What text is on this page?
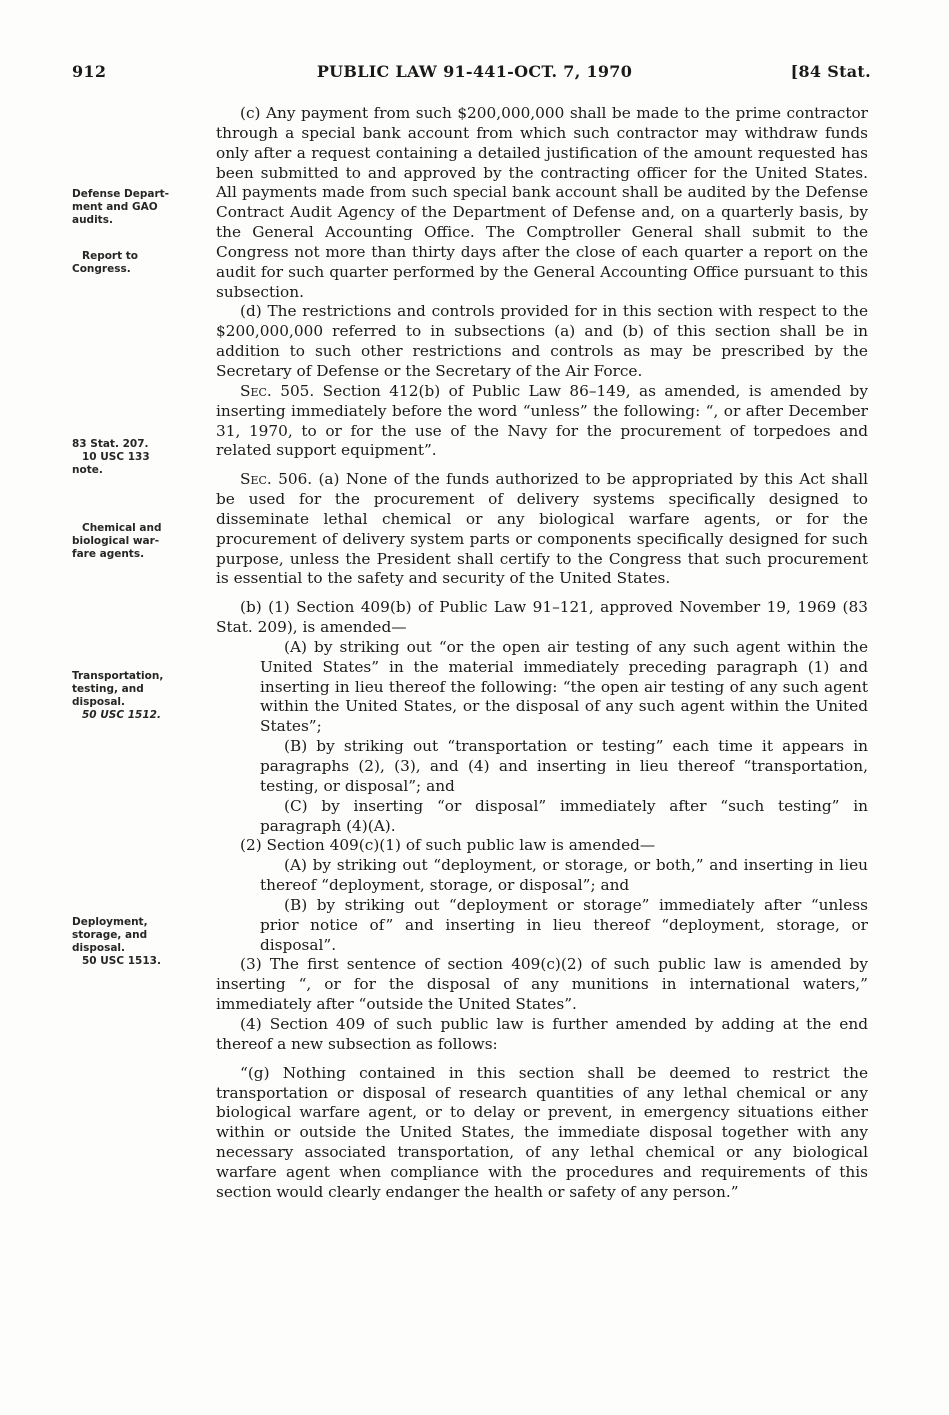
PUBLIC LAW 91-441-OCT. 7, 1970
912	[84 Stat.
Defense Depart-
ment and GAO
audits.
Report to
Congress.
83 Stat. 207.
10 USC 133
note.
Chemical and
biological war-
fare agents.
Transportation,
testing, and
disposal.
50 USC 1512.
Deployment,
storage, and
disposal.
50 USC 1513.

(c) Any payment from such $200,000,000 shall be made to the prime contractor through a special bank account from which such contractor may withdraw funds only after a request containing a detailed justification of the amount requested has been submitted to and approved by the contracting officer for the United States. All payments made from such special bank account shall be audited by the Defense Contract Audit Agency of the Department of Defense and, on a quarterly basis, by the General Accounting Office. The Comptroller General shall submit to the Congress not more than thirty days after the close of each quarter a report on the audit for such quarter performed by the General Accounting Office pursuant to this subsection.

(d) The restrictions and controls provided for in this section with respect to the $200,000,000 referred to in subsections (a) and (b) of this section shall be in addition to such other restrictions and controls as may be prescribed by the Secretary of Defense or the Secretary of the Air Force.

Sec. 505. Section 412(b) of Public Law 86–149, as amended, is amended by inserting immediately before the word “unless” the following: “, or after December 31, 1970, to or for the use of the Navy for the procurement of torpedoes and related support equipment”.

Sec. 506. (a) None of the funds authorized to be appropriated by this Act shall be used for the procurement of delivery systems specifically designed to disseminate lethal chemical or any biological warfare agents, or for the procurement of delivery system parts or components specifically designed for such purpose, unless the President shall certify to the Congress that such procurement is essential to the safety and security of the United States.

(b) (1) Section 409(b) of Public Law 91–121, approved November 19, 1969 (83 Stat. 209), is amended—

(A) by striking out “or the open air testing of any such agent within the United States” in the material immediately preceding paragraph (1) and inserting in lieu thereof the following: “the open air testing of any such agent within the United States, or the disposal of any such agent within the United States”;

(B) by striking out “transportation or testing” each time it appears in paragraphs (2), (3), and (4) and inserting in lieu thereof “transportation, testing, or disposal”; and

(C) by inserting “or disposal” immediately after “such testing” in paragraph (4)(A).

(2) Section 409(c)(1) of such public law is amended—

(A) by striking out “deployment, or storage, or both,” and inserting in lieu thereof “deployment, storage, or disposal”; and

(B) by striking out “deployment or storage” immediately after “unless prior notice of” and inserting in lieu thereof “deployment, storage, or disposal”.

(3) The first sentence of section 409(c)(2) of such public law is amended by inserting “, or for the disposal of any munitions in international waters,” immediately after “outside the United States”.

(4) Section 409 of such public law is further amended by adding at the end thereof a new subsection as follows:

“(g) Nothing contained in this section shall be deemed to restrict the transportation or disposal of research quantities of any lethal chemical or any biological warfare agent, or to delay or prevent, in emergency situations either within or outside the United States, the immediate disposal together with any necessary associated transportation, of any lethal chemical or any biological warfare agent when compliance with the procedures and requirements of this section would clearly endanger the health or safety of any person.”
